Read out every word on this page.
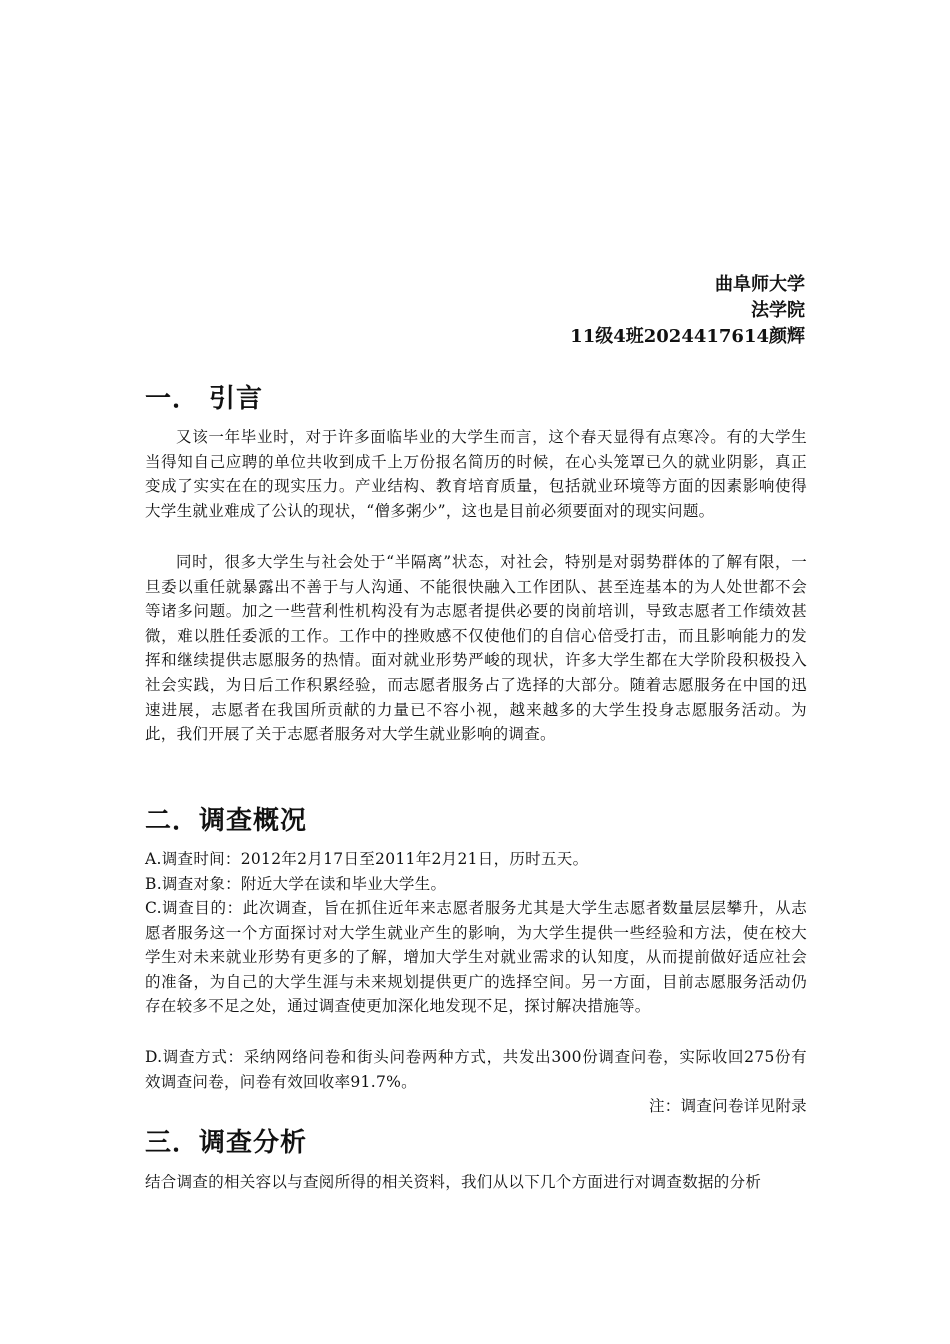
曲阜师大学
法学院
11级4班2024417614颜辉
一． 引言
又该一年毕业时，对于许多面临毕业的大学生而言，这个春天显得有点寒冷。有的大学生当得知自己应聘的单位共收到成千上万份报名简历的时候，在心头笼罩已久的就业阴影，真正变成了实实在在的现实压力。产业结构、教育培育质量，包括就业环境等方面的因素影响使得大学生就业难成了公认的现状，“僧多粥少”，这也是目前必须要面对的现实问题。
同时，很多大学生与社会处于“半隔离”状态，对社会，特别是对弱势群体的了解有限，一旦委以重任就暴露出不善于与人沟通、不能很快融入工作团队、甚至连基本的为人处世都不会等诸多问题。加之一些营利性机构没有为志愿者提供必要的岗前培训，导致志愿者工作绩效甚微，难以胜任委派的工作。工作中的挫败感不仅使他们的自信心倍受打击，而且影响能力的发挥和继续提供志愿服务的热情。面对就业形势严峻的现状，许多大学生都在大学阶段积极投入社会实践，为日后工作积累经验，而志愿者服务占了选择的大部分。随着志愿服务在中国的迅速进展，志愿者在我国所贡献的力量已不容小视，越来越多的大学生投身志愿服务活动。为此，我们开展了关于志愿者服务对大学生就业影响的调查。
二．调查概况
A.调查时间：2012年2月17日至2011年2月21日，历时五天。
B.调查对象：附近大学在读和毕业大学生。
C.调查目的：此次调查，旨在抓住近年来志愿者服务尤其是大学生志愿者数量层层攀升，从志愿者服务这一个方面探讨对大学生就业产生的影响，为大学生提供一些经验和方法，使在校大学生对未来就业形势有更多的了解，增加大学生对就业需求的认知度，从而提前做好适应社会的准备，为自己的大学生涯与未来规划提供更广的选择空间。另一方面，目前志愿服务活动仍存在较多不足之处，通过调查使更加深化地发现不足，探讨解决措施等。
D.调查方式：采纳网络问卷和街头问卷两种方式，共发出300份调查问卷，实际收回275份有效调查问卷，问卷有效回收率91.7%。
注：调查问卷详见附录
三．调查分析
结合调查的相关容以与查阅所得的相关资料，我们从以下几个方面进行对调查数据的分析
